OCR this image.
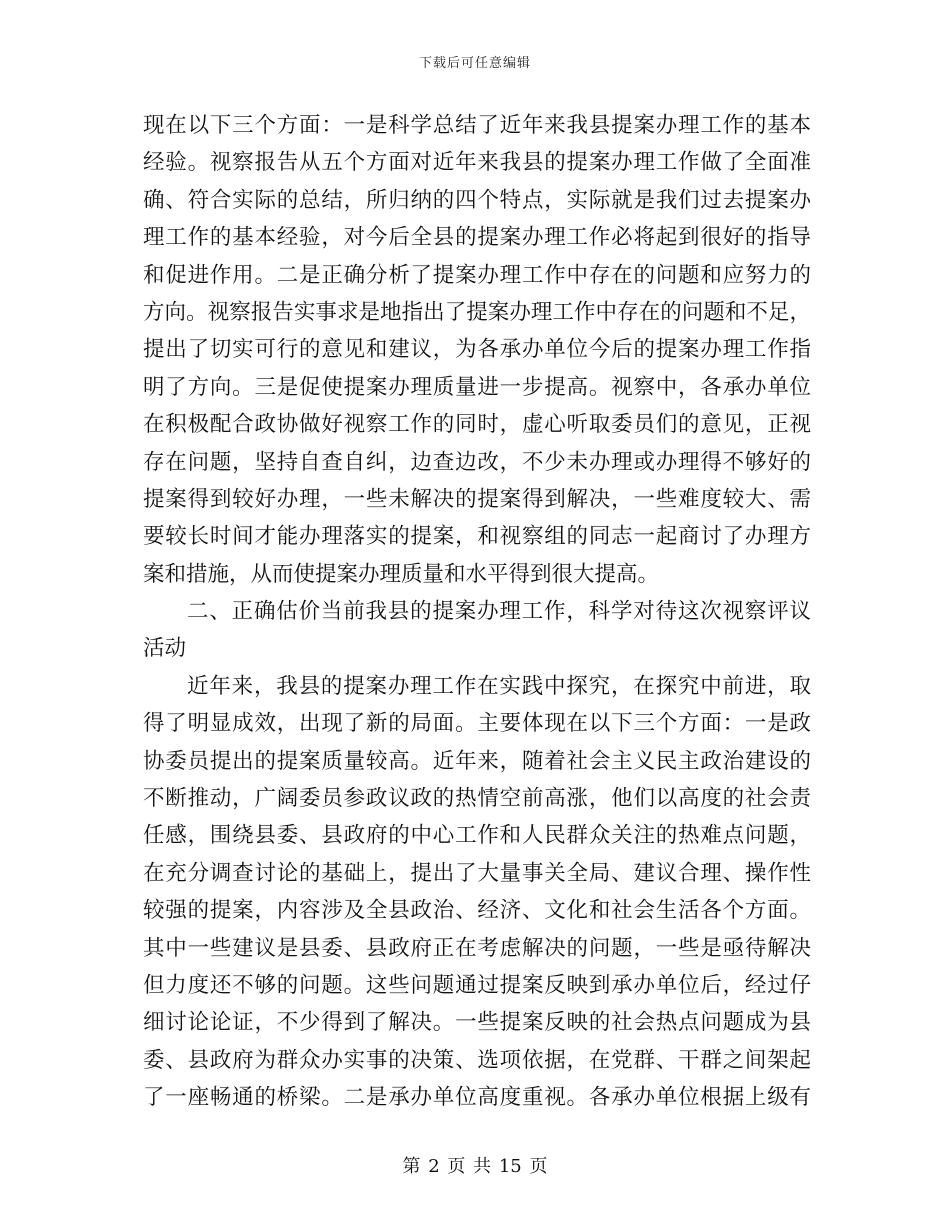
下载后可任意编辑
现在以下三个方面：一是科学总结了近年来我县提案办理工作的基本
经验。视察报告从五个方面对近年来我县的提案办理工作做了全面准
确、符合实际的总结，所归纳的四个特点，实际就是我们过去提案办
理工作的基本经验，对今后全县的提案办理工作必将起到很好的指导
和促进作用。二是正确分析了提案办理工作中存在的问题和应努力的
方向。视察报告实事求是地指出了提案办理工作中存在的问题和不足，
提出了切实可行的意见和建议，为各承办单位今后的提案办理工作指
明了方向。三是促使提案办理质量进一步提高。视察中，各承办单位
在积极配合政协做好视察工作的同时，虚心听取委员们的意见，正视
存在问题，坚持自查自纠，边查边改，不少未办理或办理得不够好的
提案得到较好办理，一些未解决的提案得到解决，一些难度较大、需
要较长时间才能办理落实的提案，和视察组的同志一起商讨了办理方
案和措施，从而使提案办理质量和水平得到很大提高。
二、正确估价当前我县的提案办理工作，科学对待这次视察评议
活动
近年来，我县的提案办理工作在实践中探究，在探究中前进，取
得了明显成效，出现了新的局面。主要体现在以下三个方面：一是政
协委员提出的提案质量较高。近年来，随着社会主义民主政治建设的
不断推动，广阔委员参政议政的热情空前高涨，他们以高度的社会责
任感，围绕县委、县政府的中心工作和人民群众关注的热难点问题，
在充分调查讨论的基础上，提出了大量事关全局、建议合理、操作性
较强的提案，内容涉及全县政治、经济、文化和社会生活各个方面。
其中一些建议是县委、县政府正在考虑解决的问题，一些是亟待解决
但力度还不够的问题。这些问题通过提案反映到承办单位后，经过仔
细讨论论证，不少得到了解决。一些提案反映的社会热点问题成为县
委、县政府为群众办实事的决策、选项依据，在党群、干群之间架起
了一座畅通的桥梁。二是承办单位高度重视。各承办单位根据上级有
第 2 页 共 15 页
